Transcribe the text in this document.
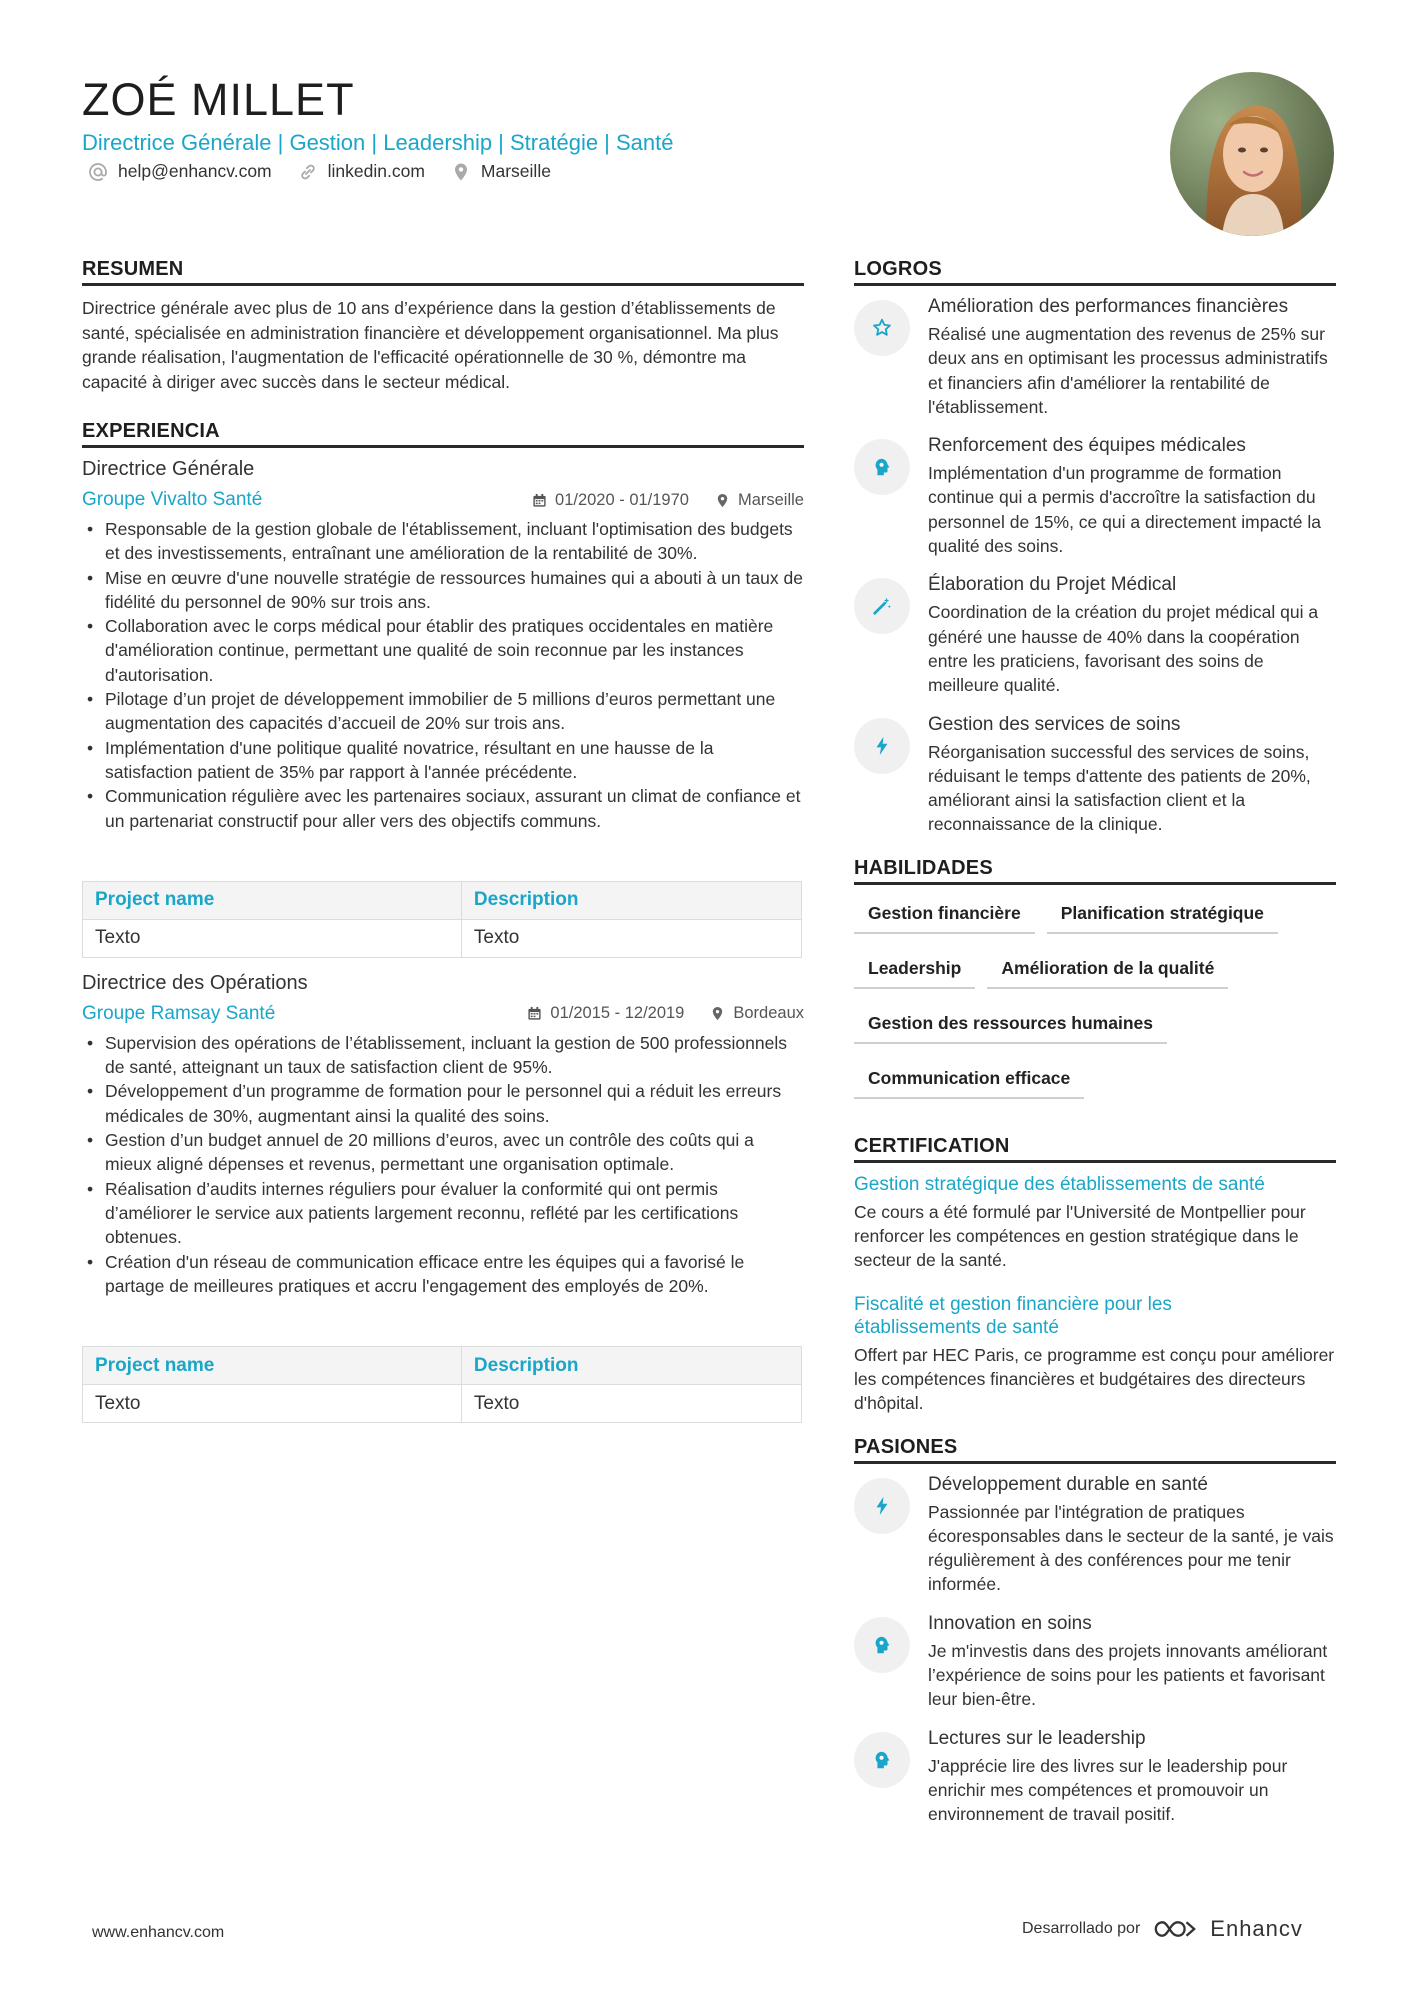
ZOÉ MILLET
Directrice Générale | Gestion | Leadership | Stratégie | Santé
help@enhancv.com	linkedin.com	Marseille
RESUMEN

Directrice générale avec plus de 10 ans d’expérience dans la gestion d’établissements de santé, spécialisée en administration financière et développement organisationnel. Ma plus grande réalisation, l'augmentation de l'efficacité opérationnelle de 30 %, démontre ma capacité à diriger avec succès dans le secteur médical.

EXPERIENCIA
Directrice Générale
Groupe Vivalto Santé	01/2020 - 01/1970	Marseille
• Responsable de la gestion globale de l'établissement, incluant l'optimisation des budgets et des investissements, entraînant une amélioration de la rentabilité de 30%.
• Mise en œuvre d'une nouvelle stratégie de ressources humaines qui a abouti à un taux de fidélité du personnel de 90% sur trois ans.
• Collaboration avec le corps médical pour établir des pratiques occidentales en matière d'amélioration continue, permettant une qualité de soin reconnue par les instances d'autorisation.
• Pilotage d’un projet de développement immobilier de 5 millions d’euros permettant une augmentation des capacités d’accueil de 20% sur trois ans.
• Implémentation d'une politique qualité novatrice, résultant en une hausse de la satisfaction patient de 35% par rapport à l'année précédente.
• Communication régulière avec les partenaires sociaux, assurant un climat de confiance et un partenariat constructif pour aller vers des objectifs communs.
Project name	Description
Texto	Texto
Directrice des Opérations
Groupe Ramsay Santé	01/2015 - 12/2019	Bordeaux
• Supervision des opérations de l’établissement, incluant la gestion de 500 professionnels de santé, atteignant un taux de satisfaction client de 95%.
• Développement d’un programme de formation pour le personnel qui a réduit les erreurs médicales de 30%, augmentant ainsi la qualité des soins.
• Gestion d’un budget annuel de 20 millions d’euros, avec un contrôle des coûts qui a mieux aligné dépenses et revenus, permettant une organisation optimale.
• Réalisation d’audits internes réguliers pour évaluer la conformité qui ont permis d’améliorer le service aux patients largement reconnu, reflété par les certifications obtenues.
• Création d'un réseau de communication efficace entre les équipes qui a favorisé le partage de meilleures pratiques et accru l'engagement des employés de 20%.
Project name	Description
Texto	Texto
LOGROS
Amélioration des performances financières
Réalisé une augmentation des revenus de 25% sur deux ans en optimisant les processus administratifs et financiers afin d'améliorer la rentabilité de l'établissement.
Renforcement des équipes médicales
Implémentation d'un programme de formation continue qui a permis d'accroître la satisfaction du personnel de 15%, ce qui a directement impacté la qualité des soins.
Élaboration du Projet Médical
Coordination de la création du projet médical qui a généré une hausse de 40% dans la coopération entre les praticiens, favorisant des soins de meilleure qualité.
Gestion des services de soins
Réorganisation successful des services de soins, réduisant le temps d'attente des patients de 20%, améliorant ainsi la satisfaction client et la reconnaissance de la clinique.
HABILIDADES
Gestion financière	Planification stratégique
Leadership	Amélioration de la qualité
Gestion des ressources humaines
Communication efficace
CERTIFICATION
Gestion stratégique des établissements de santé
Ce cours a été formulé par l'Université de Montpellier pour renforcer les compétences en gestion stratégique dans le secteur de la santé.
Fiscalité et gestion financière pour les établissements de santé
Offert par HEC Paris, ce programme est conçu pour améliorer les compétences financières et budgétaires des directeurs d'hôpital.
PASIONES
Développement durable en santé
Passionnée par l'intégration de pratiques écoresponsables dans le secteur de la santé, je vais régulièrement à des conférences pour me tenir informée.
Innovation en soins
Je m'investis dans des projets innovants améliorant l’expérience de soins pour les patients et favorisant leur bien-être.
Lectures sur le leadership
J'apprécie lire des livres sur le leadership pour enrichir mes compétences et promouvoir un environnement de travail positif.
www.enhancv.com	Desarrollado por	Enhancv
